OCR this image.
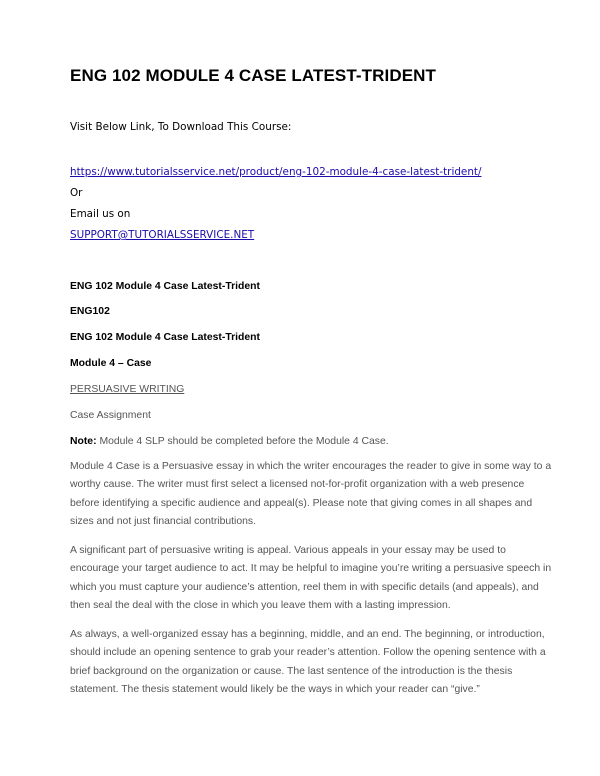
ENG 102 MODULE 4 CASE LATEST-TRIDENT
Visit Below Link, To Download This Course:
https://www.tutorialsservice.net/product/eng-102-module-4-case-latest-trident/
Or
Email us on
SUPPORT@TUTORIALSSERVICE.NET
ENG 102 Module 4 Case Latest-Trident
ENG102
ENG 102 Module 4 Case Latest-Trident
Module 4 – Case
PERSUASIVE WRITING
Case Assignment
Note: Module 4 SLP should be completed before the Module 4 Case.
Module 4 Case is a Persuasive essay in which the writer encourages the reader to give in some way to a
worthy cause. The writer must first select a licensed not-for-profit organization with a web presence
before identifying a specific audience and appeal(s). Please note that giving comes in all shapes and
sizes and not just financial contributions.
A significant part of persuasive writing is appeal. Various appeals in your essay may be used to
encourage your target audience to act. It may be helpful to imagine you’re writing a persuasive speech in
which you must capture your audience’s attention, reel them in with specific details (and appeals), and
then seal the deal with the close in which you leave them with a lasting impression.
As always, a well-organized essay has a beginning, middle, and an end. The beginning, or introduction,
should include an opening sentence to grab your reader’s attention. Follow the opening sentence with a
brief background on the organization or cause. The last sentence of the introduction is the thesis
statement. The thesis statement would likely be the ways in which your reader can “give.”
